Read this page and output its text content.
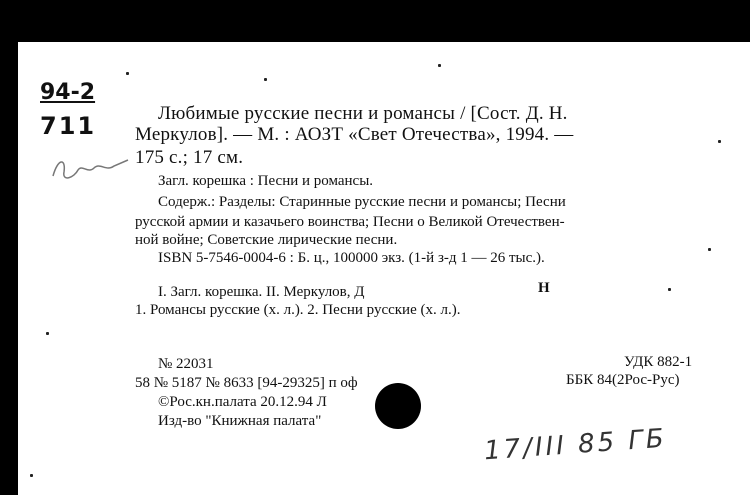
94-2
711	Любимые русские песни и романсы / [Сост. Д. Н.
Меркулов]. — М. : АОЗТ «Свет Отечества», 1994. —
175 с.; 17 см.
Загл. корешка : Песни и романсы.
Содерж.: Разделы: Старинные русские песни и романсы; Песни
русской армии и казачьего воинства; Песни о Великой Отечествен-
ной войне; Советские лирические песни.
ISBN 5-7546-0004-6 : Б. ц., 100000 экз. (1-й з-д 1 — 26 тыс.).
I. Загл. корешка. II. Меркулов, Д	Н
1. Романсы русские (х. л.). 2. Песни русские (х. л.).
№ 22031
58 № 5187 № 8633 [94-29325] п оф
©Рос.кн.палата 20.12.94 Л
Изд-во "Книжная палата"
УДК 882-1
ББК 84(2Рос-Рус)
17/III 85 ГБ
